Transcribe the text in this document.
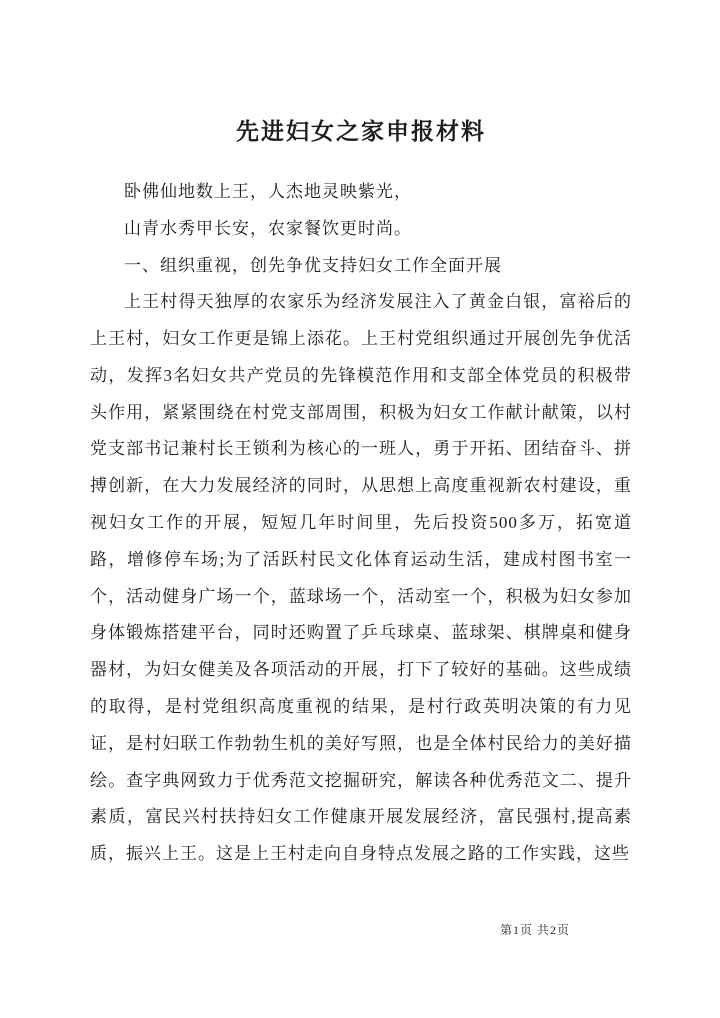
先进妇女之家申报材料

卧佛仙地数上王，人杰地灵映紫光，

山青水秀甲长安，农家餐饮更时尚。

一、组织重视，创先争优支持妇女工作全面开展

上王村得天独厚的农家乐为经济发展注入了黄金白银，富裕后的上王村，妇女工作更是锦上添花。上王村党组织通过开展创先争优活动，发挥3名妇女共产党员的先锋模范作用和支部全体党员的积极带头作用，紧紧围绕在村党支部周围，积极为妇女工作献计献策，以村党支部书记兼村长王锁利为核心的一班人，勇于开拓、团结奋斗、拼搏创新，在大力发展经济的同时，从思想上高度重视新农村建设，重视妇女工作的开展，短短几年时间里，先后投资500多万，拓宽道路，增修停车场;为了活跃村民文化体育运动生活，建成村图书室一个，活动健身广场一个，蓝球场一个，活动室一个，积极为妇女参加身体锻炼搭建平台，同时还购置了乒乓球桌、蓝球架、棋牌桌和健身器材，为妇女健美及各项活动的开展，打下了较好的基础。这些成绩的取得，是村党组织高度重视的结果，是村行政英明决策的有力见证，是村妇联工作勃勃生机的美好写照，也是全体村民给力的美好描绘。查字典网致力于优秀范文挖掘研究，解读各种优秀范文二、提升素质，富民兴村扶持妇女工作健康开展发展经济，富民强村,提高素质，振兴上王。这是上王村走向自身特点发展之路的工作实践，这些

第1页 共2页
